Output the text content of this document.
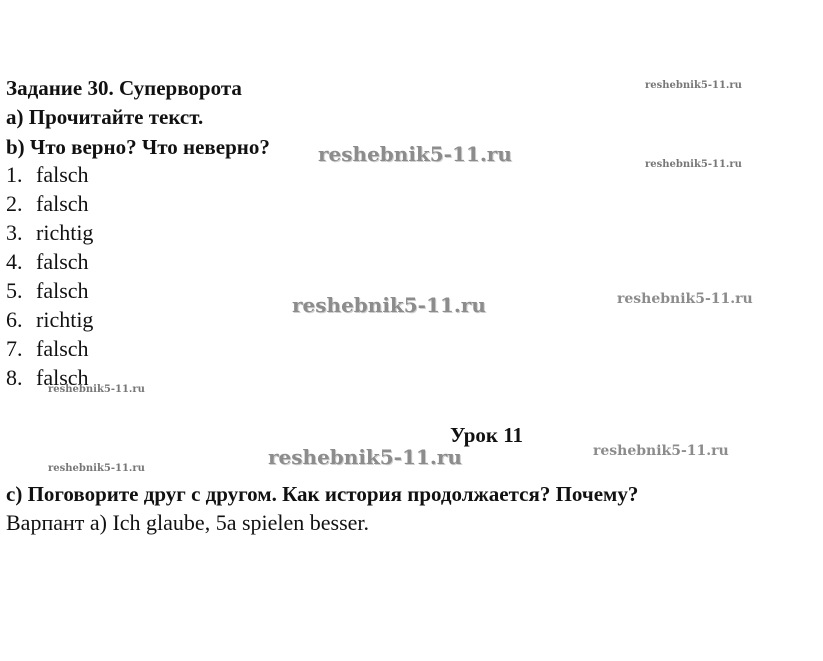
Задание 30. Суперворота
а) Прочитайте текст.
b) Что верно? Что неверно?
1. falsch
2. falsch
3. richtig
4. falsch
5. falsch
6. richtig
7. falsch
8. falsch
Урок 11
c) Поговорите друг с другом. Как история продолжается? Почему?
Варпант а) Ich glaube, 5a spielen besser.
reshebnik5-11.ru
reshebnik5-11.ru	reshebnik5-11.ru
reshebnik5-11.ru	reshebnik5-11.ru
reshebnik5-11.ru
reshebnik5-11.ru	reshebnik5-11.ru
reshebnik5-11.ru
